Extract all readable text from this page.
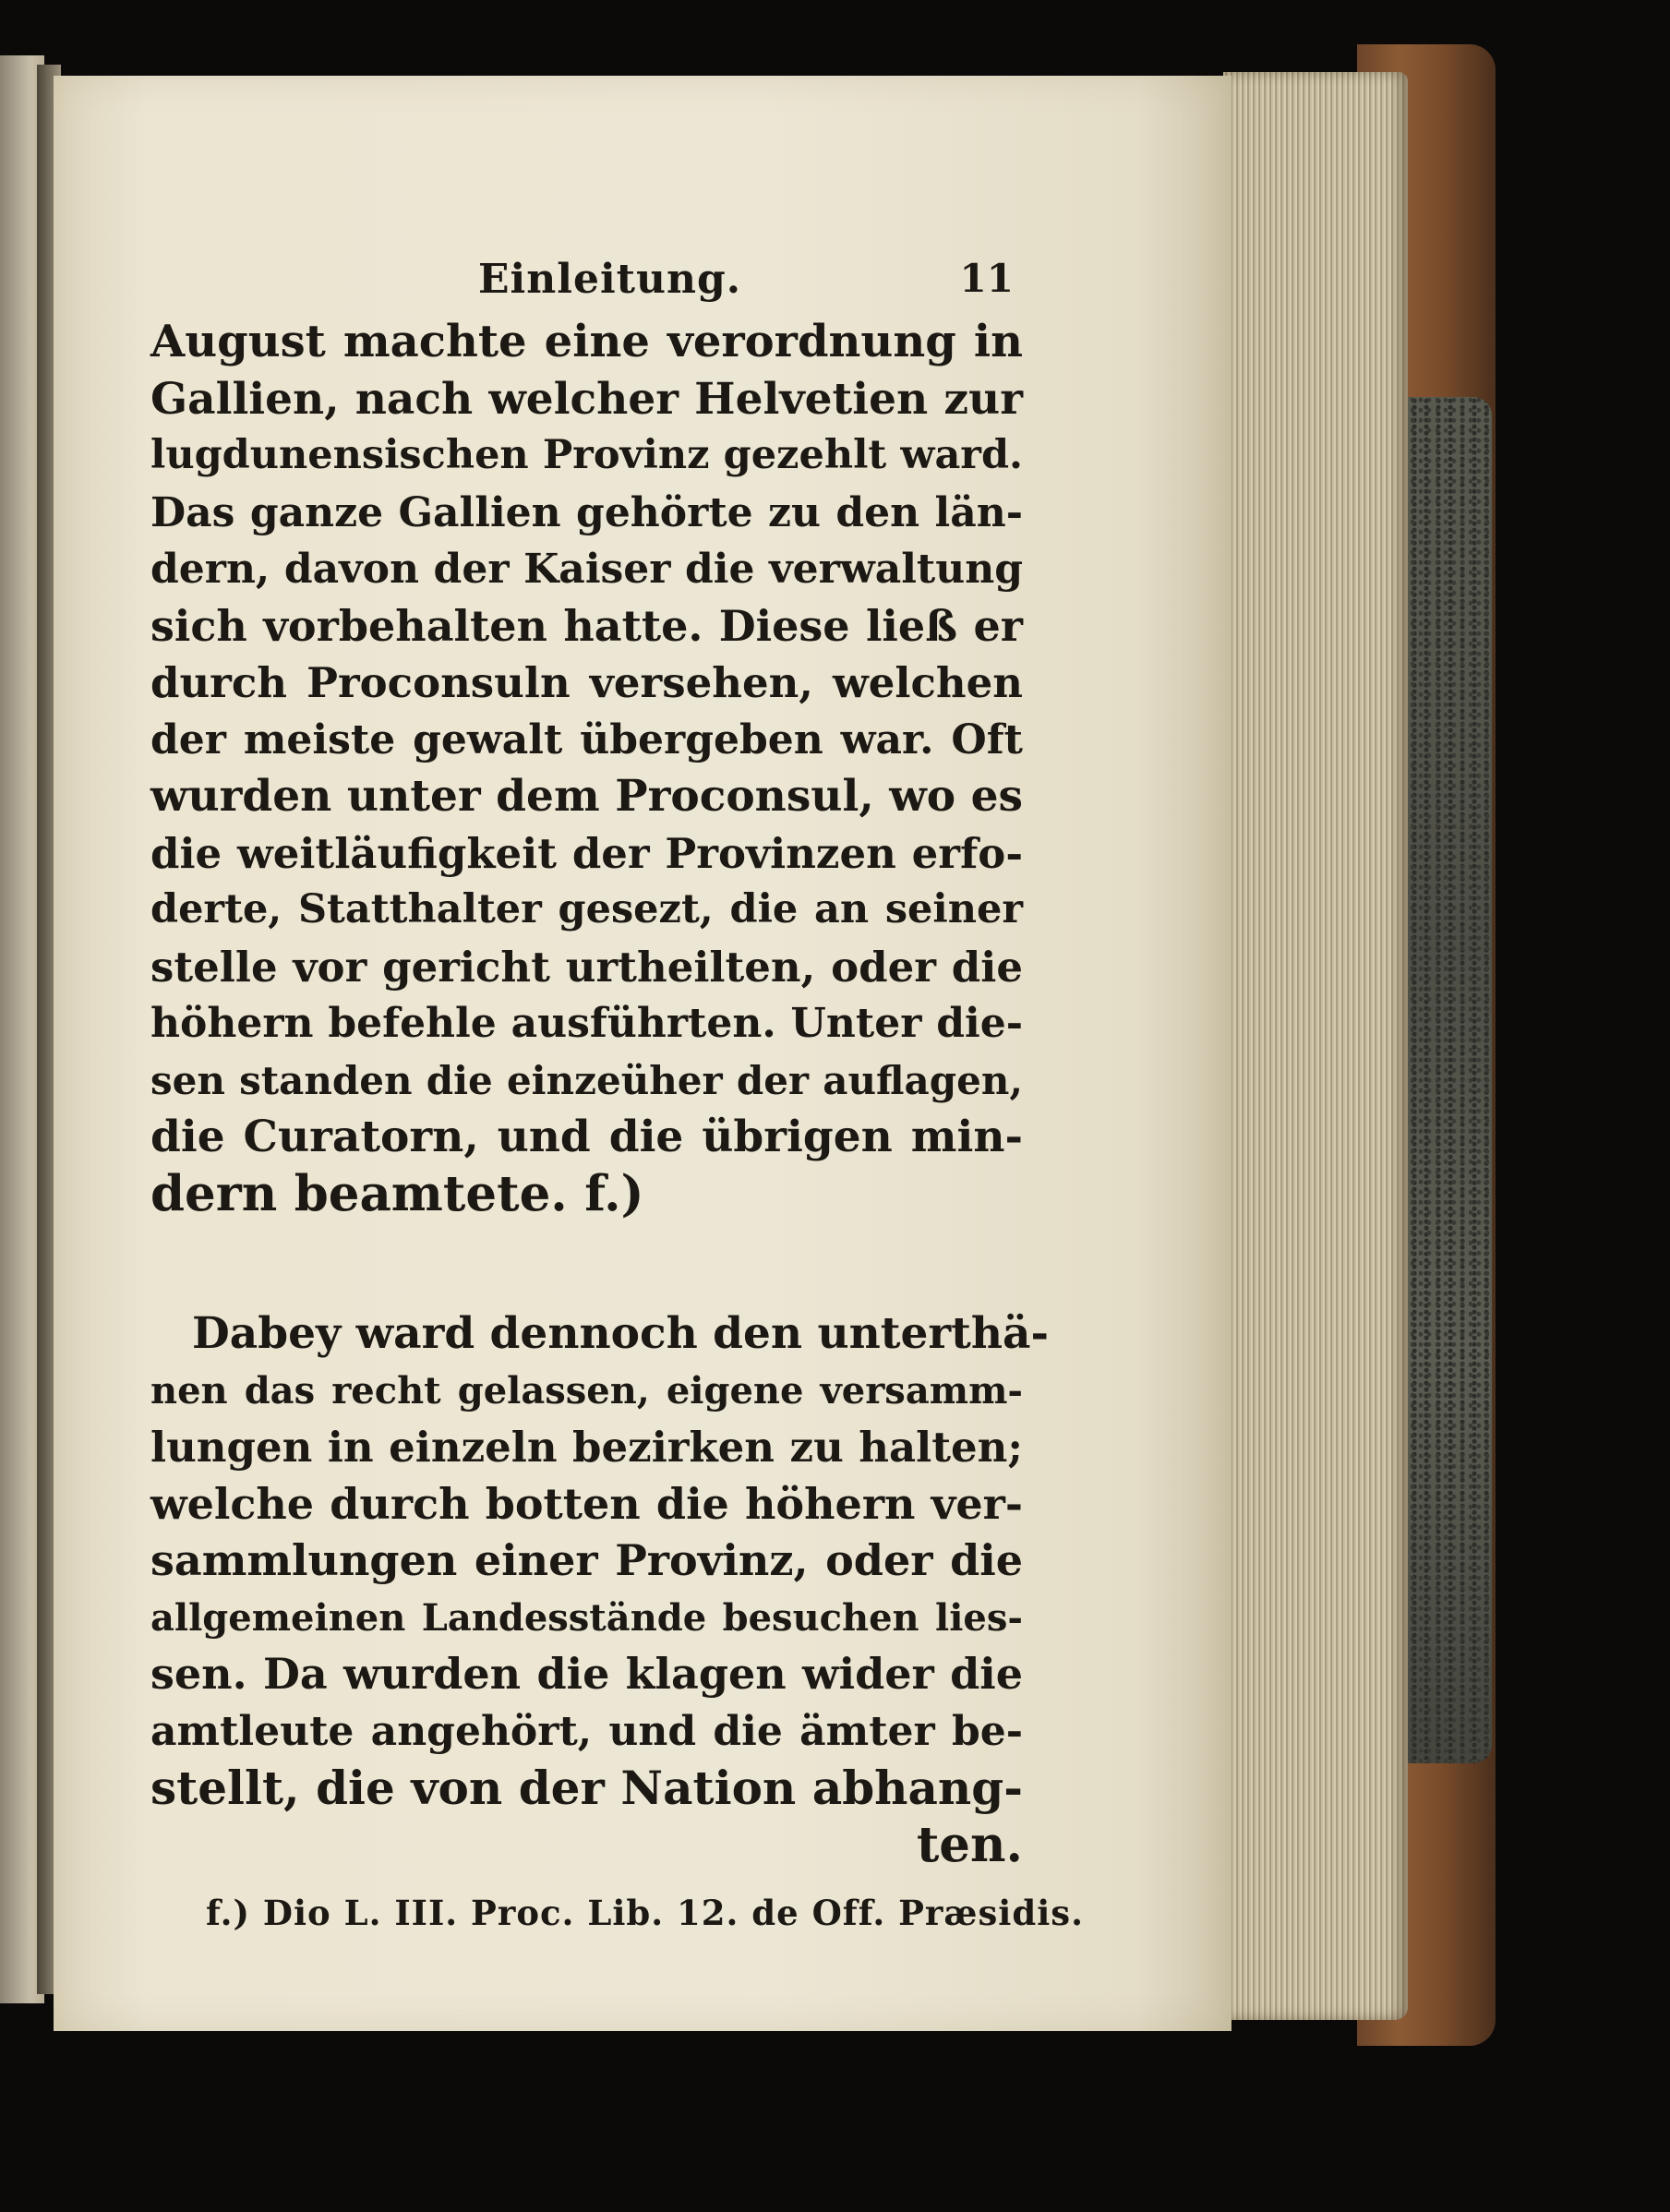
Einleitung.	11
August machte eine verordnung in
Gallien, nach welcher Helvetien zur
lugdunensischen Provinz gezehlt ward.
Das ganze Gallien gehörte zu den län-
dern, davon der Kaiser die verwaltung
sich vorbehalten hatte. Diese ließ er
durch Proconsuln versehen, welchen
der meiste gewalt übergeben war. Oft
wurden unter dem Proconsul, wo es
die weitläufigkeit der Provinzen erfo-
derte, Statthalter gesezt, die an seiner
stelle vor gericht urtheilten, oder die
höhern befehle ausführten. Unter die-
sen standen die einzeüher der auflagen,
die Curatorn, und die übrigen min-
dern beamtete. f.)
Dabey ward dennoch den unterthä-
nen das recht gelassen, eigene versamm-
lungen in einzeln bezirken zu halten;
welche durch botten die höhern ver-
sammlungen einer Provinz, oder die
allgemeinen Landesstände besuchen lies-
sen. Da wurden die klagen wider die
amtleute angehört, und die ämter be-
stellt, die von der Nation abhang-
ten.
f.) Dio L. III. Proc. Lib. 12. de Off. Præsidis.
